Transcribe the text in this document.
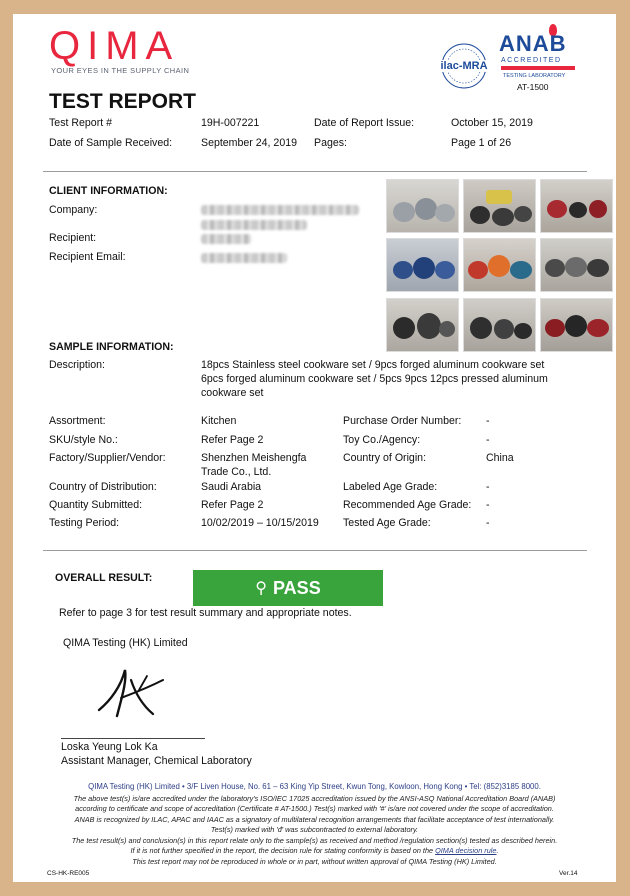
QIMA
YOUR EYES IN THE SUPPLY CHAIN	ilac-MRA
ANAB
ACCREDITED
TESTING LABORATORY
AT-1500
TEST REPORT
Test Report #	19H-007221	Date of Report Issue:	October 15, 2019
Date of Sample Received:	September 24, 2019 Pages:	Page 1 of 26
CLIENT INFORMATION:
Company:
Recipient:
Recipient Email:
SAMPLE INFORMATION:
Description:	18pcs Stainless steel cookware set / 9pcs forged aluminum cookware set
6pcs forged aluminum cookware set / 5pcs 9pcs 12pcs pressed aluminum
cookware set
Assortment:	Kitchen	Purchase Order Number: -
SKU/style No.:	Refer Page 2	Toy Co./Agency:	-
Factory/Supplier/Vendor:	Shenzhen Meishengfa
Trade Co., Ltd.
Country of Origin:	China
Country of Distribution:	Saudi Arabia	Labeled Age Grade:	-
Quantity Submitted:	Refer Page 2	Recommended Age Grade: -
Testing Period:	10/02/2019 – 10/15/2019 Tested Age Grade:	-
OVERALL RESULT:
⚲ PASS
Refer to page 3 for test result summary and appropriate notes.
QIMA Testing (HK) Limited
Loska Yeung Lok Ka
Assistant Manager, Chemical Laboratory
QIMA Testing (HK) Limited • 3/F Liven House, No. 61 – 63 King Yip Street, Kwun Tong, Kowloon, Hong Kong • Tel: (852)3185 8000.
The above test(s) is/are accredited under the laboratory's ISO/IEC 17025 accreditation issued by the ANSI-ASQ National Accreditation Board (ANAB)
according to certificate and scope of accreditation (Certificate # AT-1500.) Test(s) marked with '#' is/are not covered under the scope of accreditation.
ANAB is recognized by ILAC, APAC and IAAC as a signatory of multilateral recognition arrangements that facilitate acceptance of test internationally.
Test(s) marked with 'đ' was subcontracted to external laboratory.
The test result(s) and conclusion(s) in this report relate only to the sample(s) as received and method /regulation section(s) tested as described herein.
If it is not further specified in the report, the decision rule for stating conformity is based on the QIMA decision rule.
This test report may not be reproduced in whole or in part, without written approval of QIMA Testing (HK) Limited.
CS-HK-RE005	Ver.14
